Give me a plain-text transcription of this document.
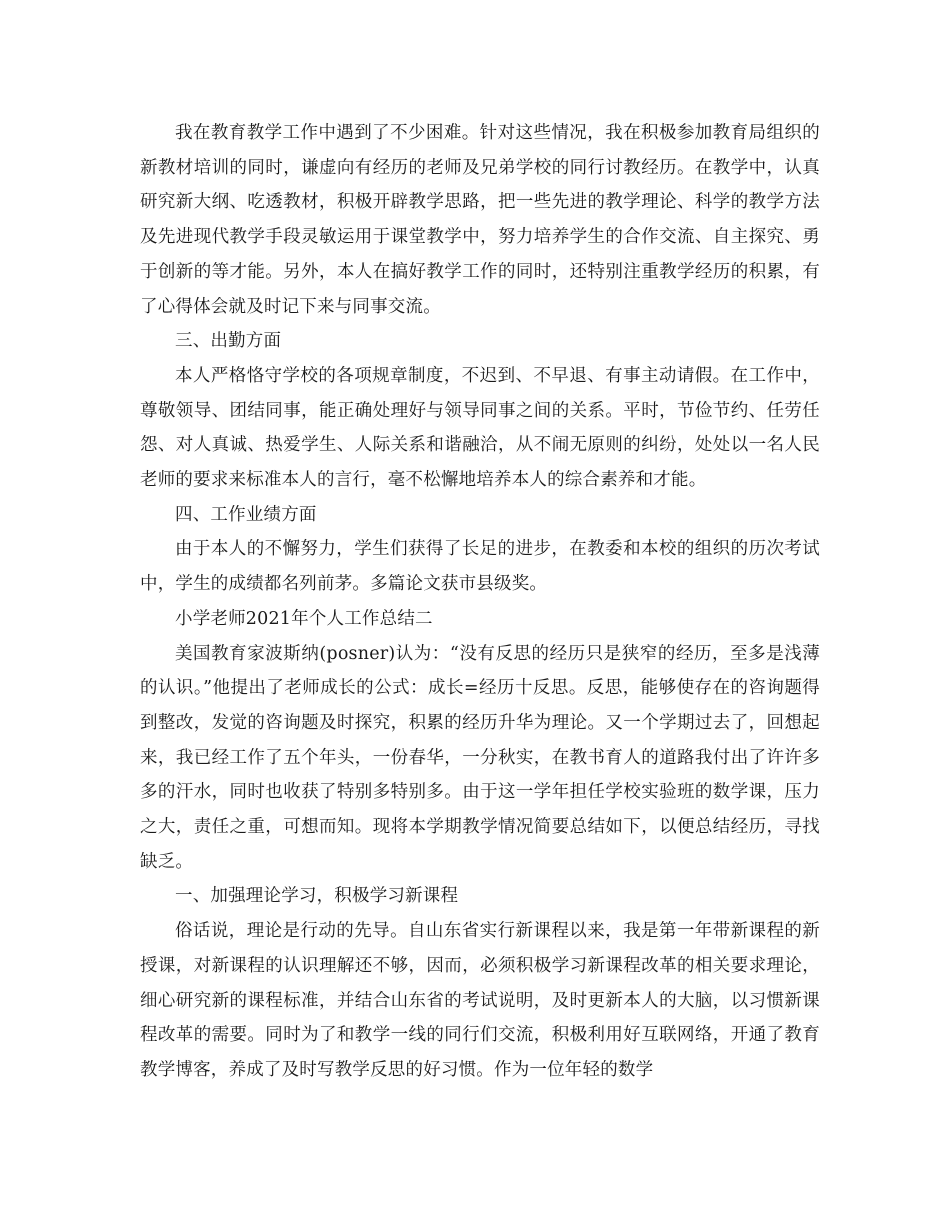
我在教育教学工作中遇到了不少困难。针对这些情况，我在积极参加教育局组织的新教材培训的同时，谦虚向有经历的老师及兄弟学校的同行讨教经历。在教学中，认真研究新大纲、吃透教材，积极开辟教学思路，把一些先进的教学理论、科学的教学方法及先进现代教学手段灵敏运用于课堂教学中，努力培养学生的合作交流、自主探究、勇于创新的等才能。另外，本人在搞好教学工作的同时，还特别注重教学经历的积累，有了心得体会就及时记下来与同事交流。

三、出勤方面

本人严格恪守学校的各项规章制度，不迟到、不早退、有事主动请假。在工作中，尊敬领导、团结同事，能正确处理好与领导同事之间的关系。平时，节俭节约、任劳任怨、对人真诚、热爱学生、人际关系和谐融洽，从不闹无原则的纠纷，处处以一名人民老师的要求来标准本人的言行，毫不松懈地培养本人的综合素养和才能。

四、工作业绩方面

由于本人的不懈努力，学生们获得了长足的进步，在教委和本校的组织的历次考试中，学生的成绩都名列前茅。多篇论文获市县级奖。

小学老师2021年个人工作总结二

美国教育家波斯纳(posner)认为：“没有反思的经历只是狭窄的经历，至多是浅薄的认识。”他提出了老师成长的公式：成长=经历十反思。反思，能够使存在的咨询题得到整改，发觉的咨询题及时探究，积累的经历升华为理论。又一个学期过去了，回想起来，我已经工作了五个年头，一份春华，一分秋实，在教书育人的道路我付出了许许多多的汗水，同时也收获了特别多特别多。由于这一学年担任学校实验班的数学课，压力之大，责任之重，可想而知。现将本学期教学情况简要总结如下，以便总结经历，寻找缺乏。

一、加强理论学习，积极学习新课程

俗话说，理论是行动的先导。自山东省实行新课程以来，我是第一年带新课程的新授课，对新课程的认识理解还不够，因而，必须积极学习新课程改革的相关要求理论，细心研究新的课程标准，并结合山东省的考试说明，及时更新本人的大脑，以习惯新课程改革的需要。同时为了和教学一线的同行们交流，积极利用好互联网络，开通了教育教学博客，养成了及时写教学反思的好习惯。作为一位年轻的数学
